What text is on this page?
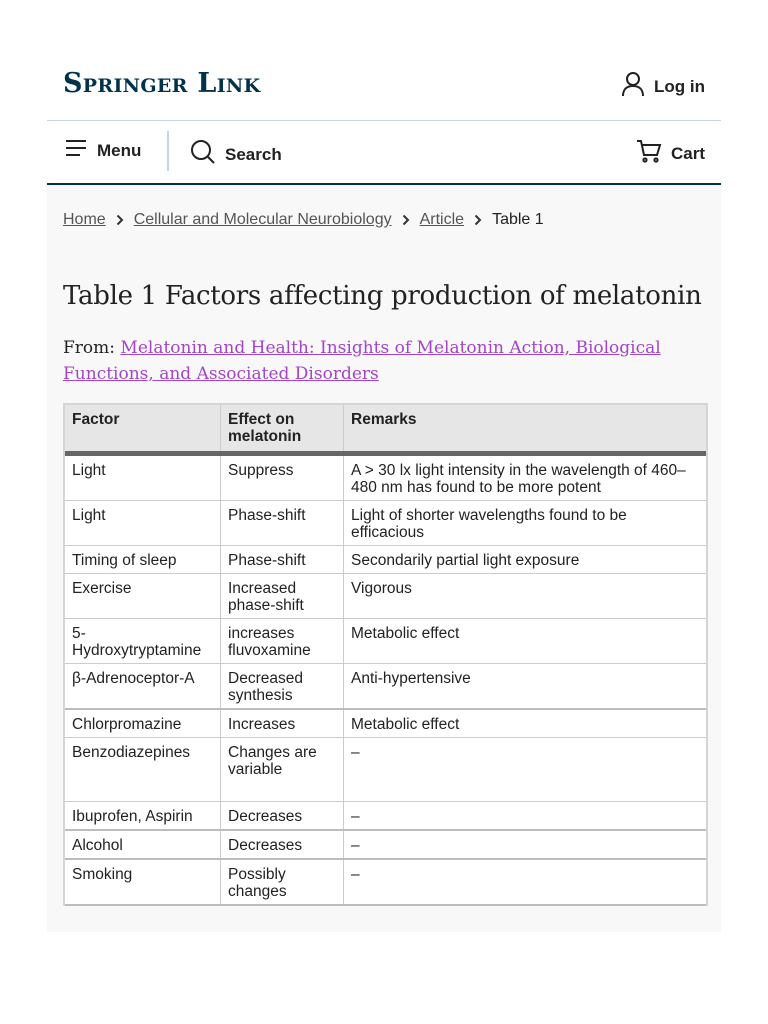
Springer Link	Log in
Menu	Search	Cart
Home Cellular and Molecular Neurobiology Article Table 1
Table 1 Factors affecting production of melatonin
From: Melatonin and Health: Insights of Melatonin Action, Biological Functions, and Associated Disorders
Factor	Effect on melatonin	Remarks
Light	Suppress	A > 30 lx light intensity in the wavelength of 460–480 nm has found to be more potent
Light	Phase-shift	Light of shorter wavelengths found to be efficacious
Timing of sleep	Phase-shift	Secondarily partial light exposure
Exercise	Increased phase-shift	Vigorous
5-Hydroxytryptamine	increases fluvoxamine	Metabolic effect
β-Adrenoceptor-A	Decreased synthesis	Anti-hypertensive
Chlorpromazine	Increases	Metabolic effect
Benzodiazepines	Changes are variable	–
Ibuprofen, Aspirin	Decreases	–
Alcohol	Decreases	–
Smoking	Possibly changes	–
